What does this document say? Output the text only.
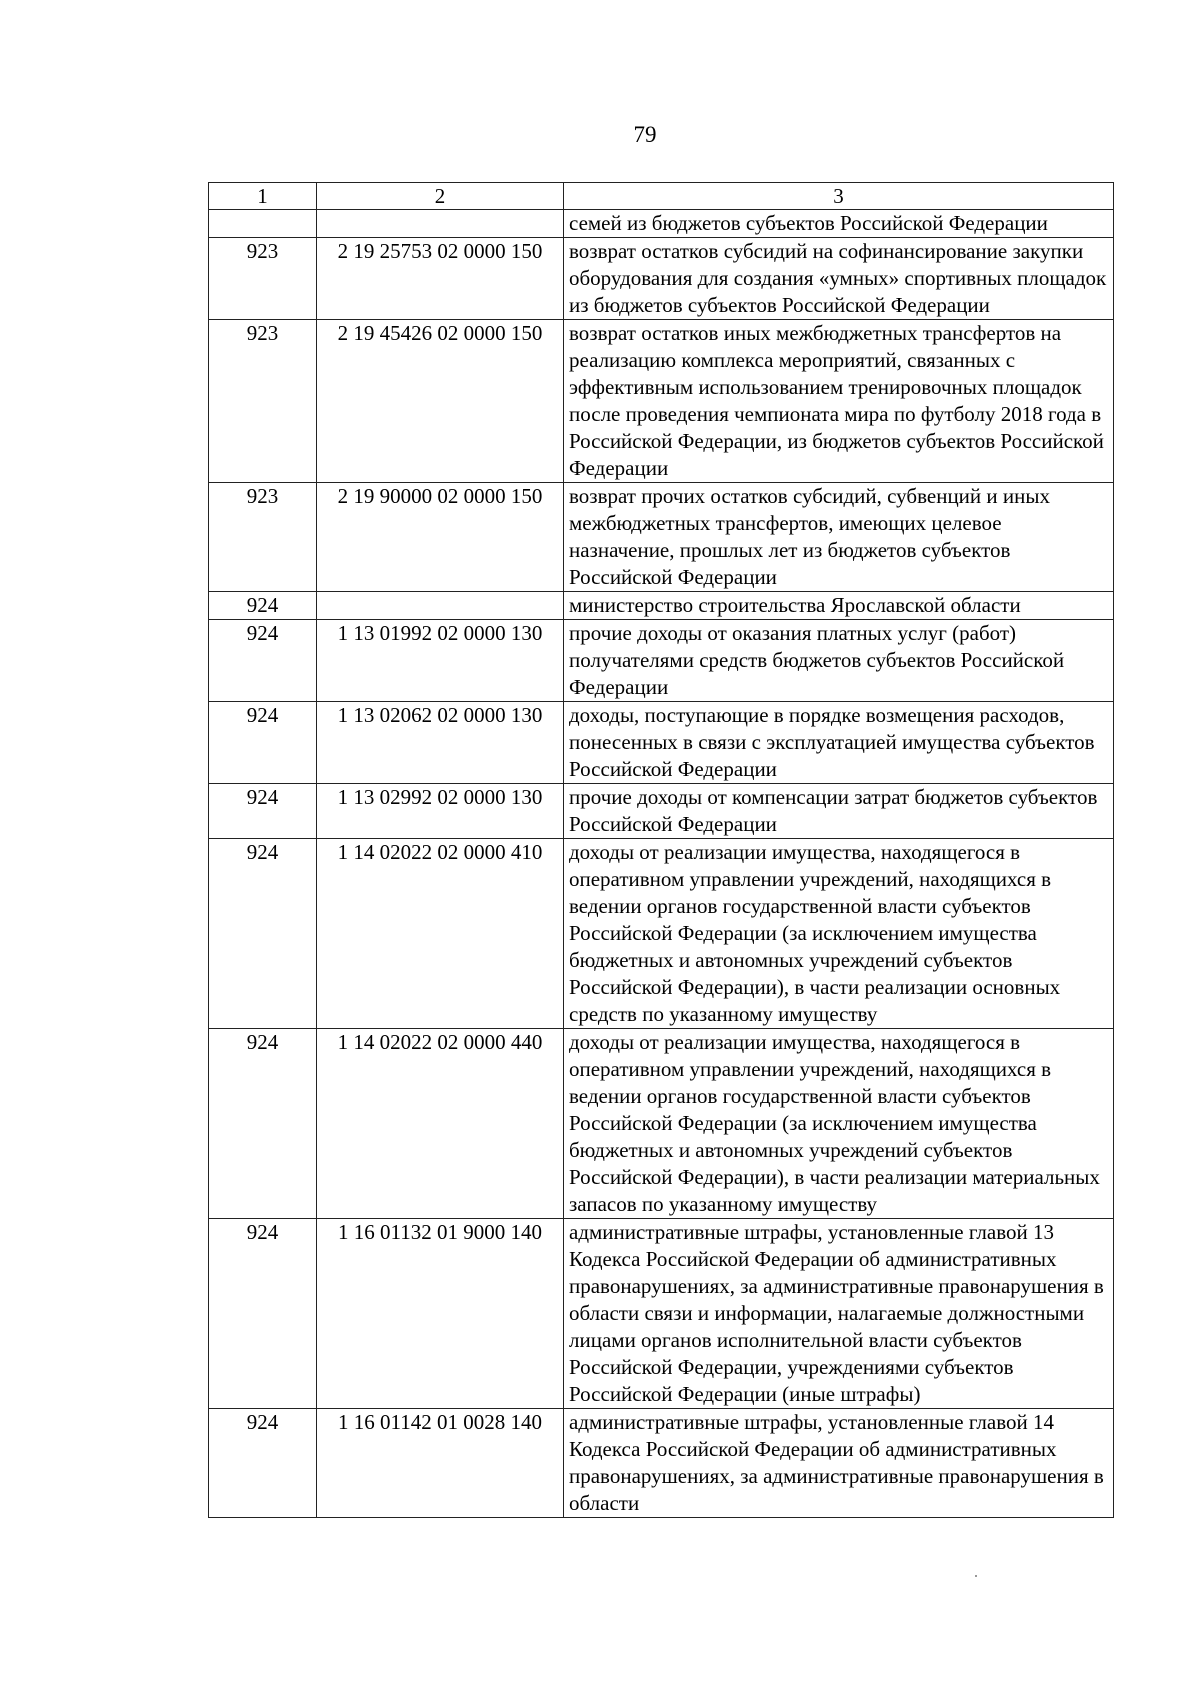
79
1	2	3
		семей из бюджетов субъектов Российской Федерации
923	2 19 25753 02 0000 150	возврат остатков субсидий на софинансирование закупки оборудования для создания «умных» спортивных площадок из бюджетов субъектов Российской Федерации
923	2 19 45426 02 0000 150	возврат остатков иных межбюджетных трансфертов на реализацию комплекса мероприятий, связанных с эффективным использованием тренировочных площадок после проведения чемпионата мира по футболу 2018 года в Российской Федерации, из бюджетов субъектов Российской Федерации
923	2 19 90000 02 0000 150	возврат прочих остатков субсидий, субвенций и иных межбюджетных трансфертов, имеющих целевое назначение, прошлых лет из бюджетов субъектов Российской Федерации
924		министерство строительства Ярославской области
924	1 13 01992 02 0000 130	прочие доходы от оказания платных услуг (работ) получателями средств бюджетов субъектов Российской Федерации
924	1 13 02062 02 0000 130	доходы, поступающие в порядке возмещения расходов, понесенных в связи с эксплуатацией имущества субъектов Российской Федерации
924	1 13 02992 02 0000 130	прочие доходы от компенсации затрат бюджетов субъектов Российской Федерации
924	1 14 02022 02 0000 410	доходы от реализации имущества, находящегося в оперативном управлении учреждений, находящихся в ведении органов государственной власти субъектов Российской Федерации (за исключением имущества бюджетных и автономных учреждений субъектов Российской Федерации), в части реализации основных средств по указанному имуществу
924	1 14 02022 02 0000 440	доходы от реализации имущества, находящегося в оперативном управлении учреждений, находящихся в ведении органов государственной власти субъектов Российской Федерации (за исключением имущества бюджетных и автономных учреждений субъектов Российской Федерации), в части реализации материальных запасов по указанному имуществу
924	1 16 01132 01 9000 140	административные штрафы, установленные главой 13 Кодекса Российской Федерации об административных правонарушениях, за административные правонарушения в области связи и информации, налагаемые должностными лицами органов исполнительной власти субъектов Российской Федерации, учреждениями субъектов Российской Федерации (иные штрафы)
924	1 16 01142 01 0028 140	административные штрафы, установленные главой 14 Кодекса Российской Федерации об административных правонарушениях, за административные правонарушения в области
